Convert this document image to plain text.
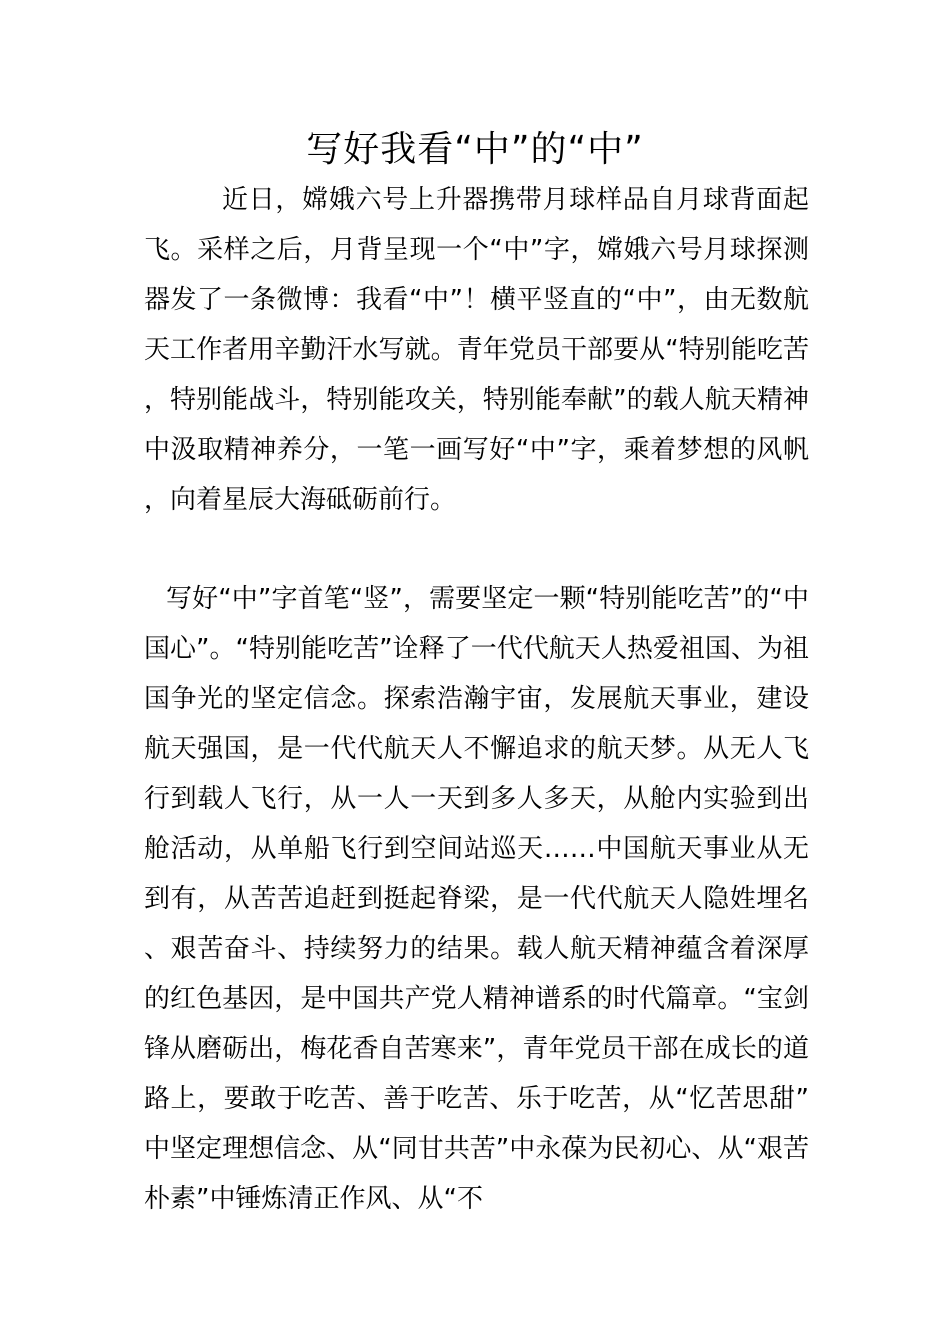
写好我看“中”的“中”

近日，嫦娥六号上升器携带月球样品自月球背面起飞。采样之后，月背呈现一个“中”字，嫦娥六号月球探测器发了一条微博：我看“中”！横平竖直的“中”，由无数航天工作者用辛勤汗水写就。青年党员干部要从“特别能吃苦，特别能战斗，特别能攻关，特别能奉献”的载人航天精神中汲取精神养分，一笔一画写好“中”字，乘着梦想的风帆，向着星辰大海砥砺前行。

写好“中”字首笔“竖”，需要坚定一颗“特别能吃苦”的“中国心”。“特别能吃苦”诠释了一代代航天人热爱祖国、为祖国争光的坚定信念。探索浩瀚宇宙，发展航天事业，建设航天强国，是一代代航天人不懈追求的航天梦。从无人飞行到载人飞行，从一人一天到多人多天，从舱内实验到出舱活动，从单船飞行到空间站巡天……中国航天事业从无到有，从苦苦追赶到挺起脊梁，是一代代航天人隐姓埋名、艰苦奋斗、持续努力的结果。载人航天精神蕴含着深厚的红色基因，是中国共产党人精神谱系的时代篇章。“宝剑锋从磨砺出，梅花香自苦寒来”，青年党员干部在成长的道路上，要敢于吃苦、善于吃苦、乐于吃苦，从“忆苦思甜”中坚定理想信念、从“同甘共苦”中永葆为民初心、从“艰苦朴素”中锤炼清正作风、从“不
